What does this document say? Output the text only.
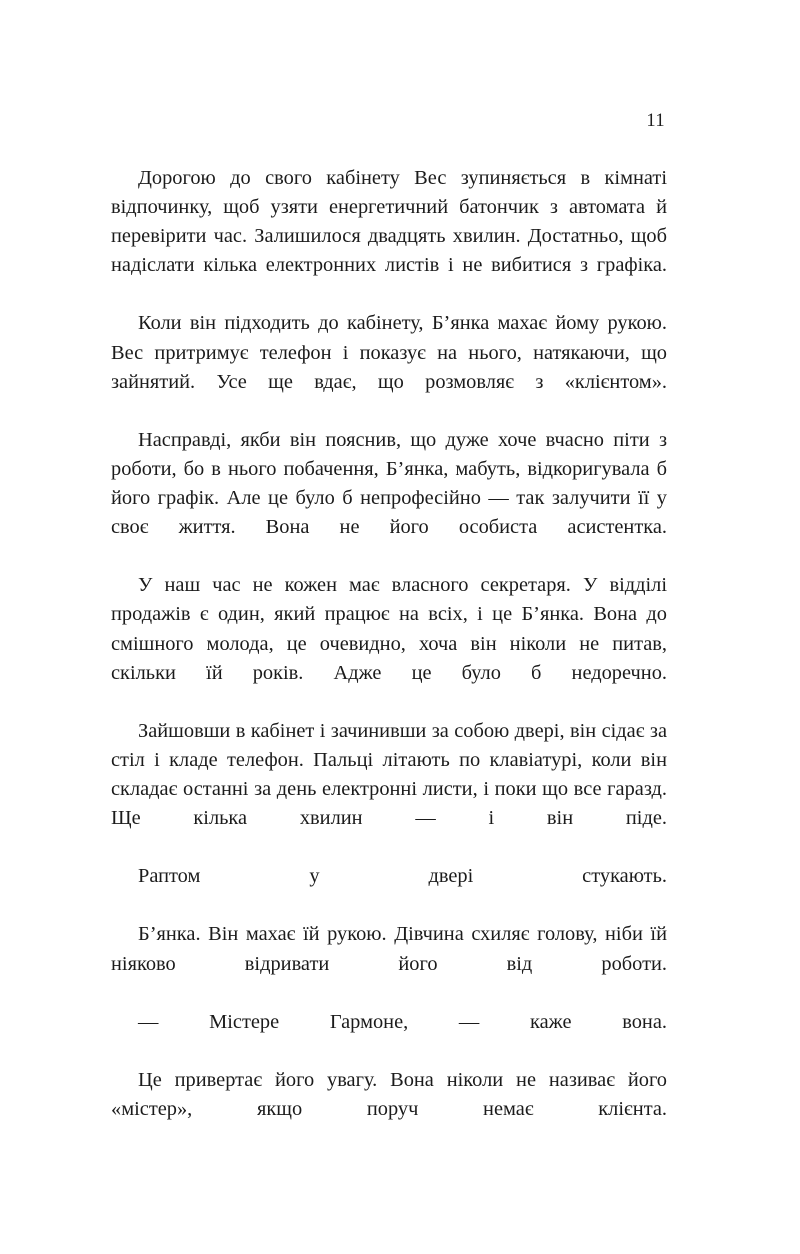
11

Дорогою до свого кабінету Вес зупиняється в кімнаті відпочинку, щоб узяти енергетичний батончик з автомата й перевірити час. Залишилося двадцять хвилин. Достатньо, щоб надіслати кілька електронних листів і не вибитися з графіка.

Коли він підходить до кабінету, Б’янка махає йому рукою. Вес притримує телефон і показує на нього, натякаючи, що зайнятий. Усе ще вдає, що розмовляє з «клієнтом».

Насправді, якби він пояснив, що дуже хоче вчасно піти з роботи, бо в нього побачення, Б’янка, мабуть, відкоригувала б його графік. Але це було б непрофесійно — так залучити її у своє життя. Вона не його особиста асистентка.

У наш час не кожен має власного секретаря. У відділі продажів є один, який працює на всіх, і це Б’янка. Вона до смішного молода, це очевидно, хоча він ніколи не питав, скільки їй років. Адже це було б недоречно.

Зайшовши в кабінет і зачинивши за собою двері, він сідає за стіл і кладе телефон. Пальці літають по клавіатурі, коли він складає останні за день електронні листи, і поки що все гаразд. Ще кілька хвилин — і він піде.

Раптом у двері стукають.

Б’янка. Він махає їй рукою. Дівчина схиляє голову, ніби їй ніяково відривати його від роботи.

— Містере Гармоне, — каже вона.

Це привертає його увагу. Вона ніколи не називає його «містер», якщо поруч немає клієнта.
